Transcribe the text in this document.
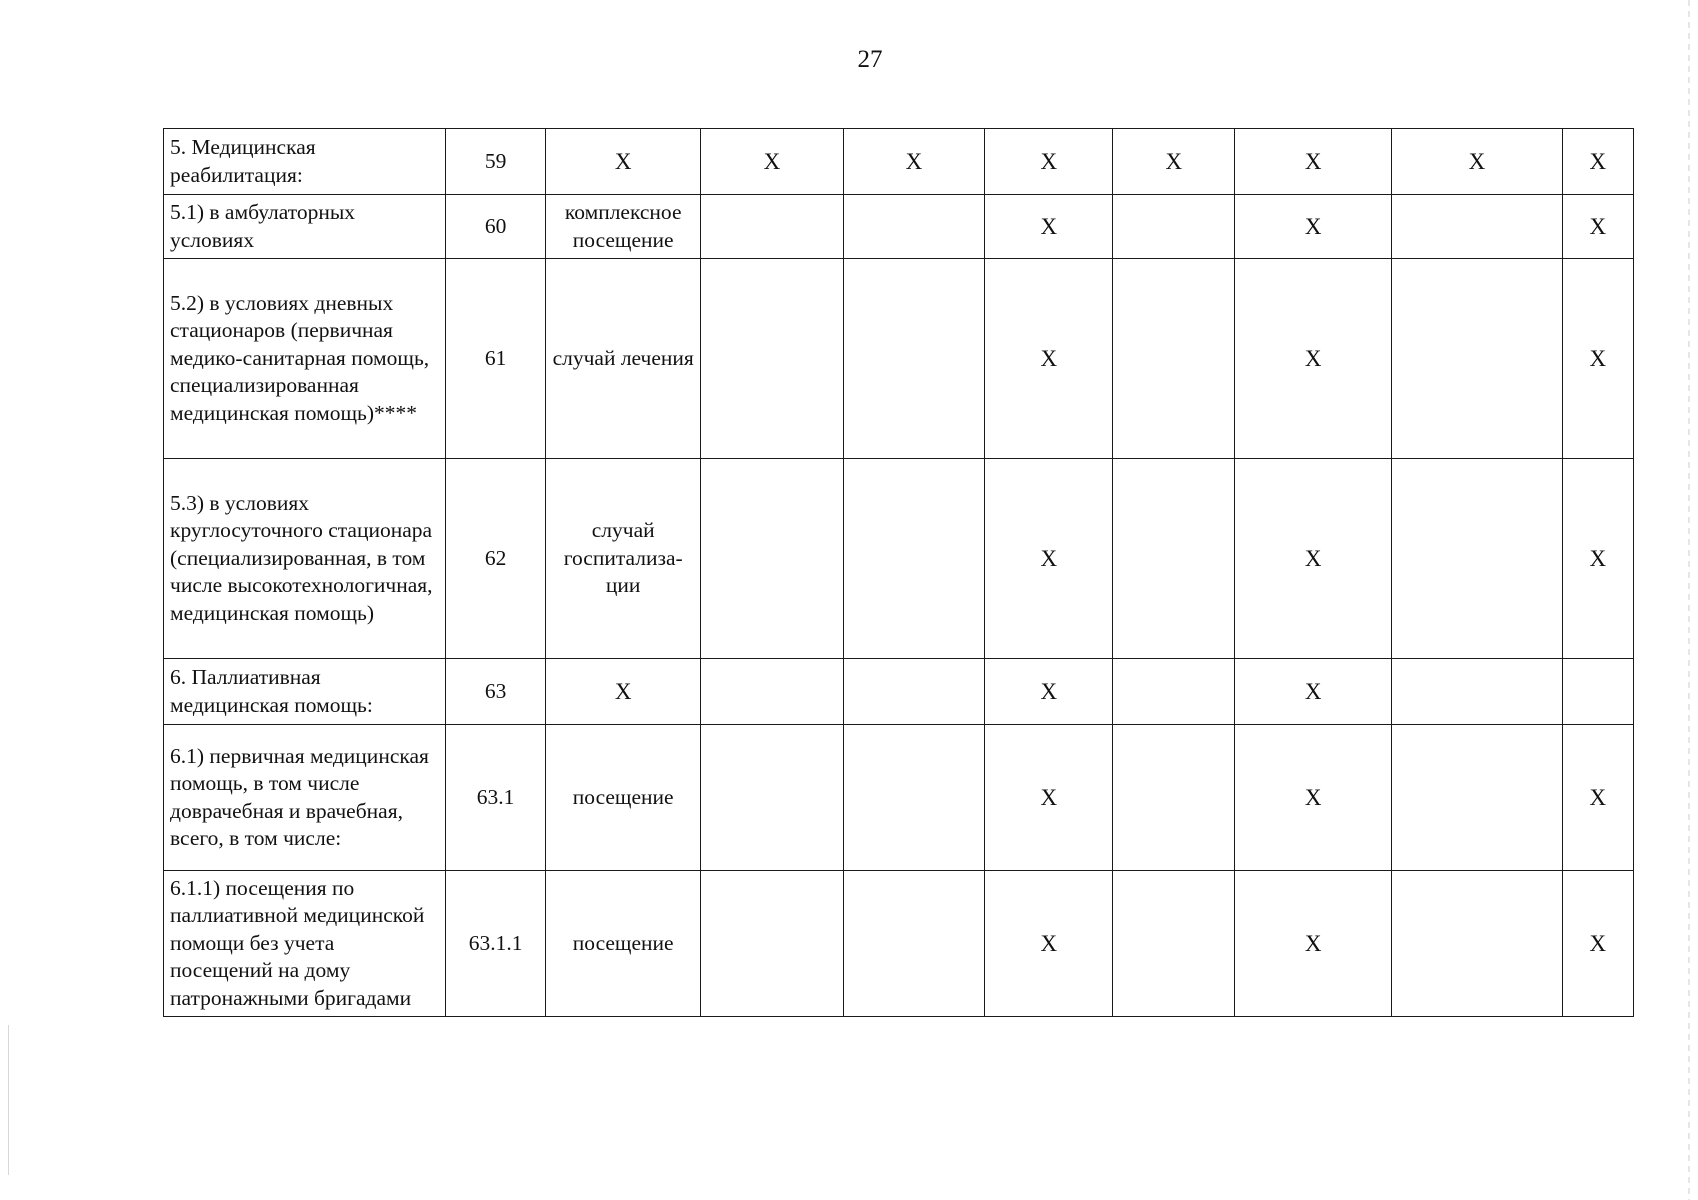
27
5. Медицинская реабилитация:	59	X	X	X	X	X	X	X	X
5.1) в амбулаторных условиях	60	комплексное посещение			X		X		X
5.2) в условиях дневных стационаров (первичная медико-санитарная помощь, специализированная медицинская помощь)****	61	случай лечения			X		X		X
5.3) в условиях круглосуточного стационара (специализированная, в том числе высокотехнологичная, медицинская помощь)	62	случай госпитализа-ции			X		X		X
6. Паллиативная медицинская помощь:	63	X			X		X		
6.1) первичная медицинская помощь, в том числе доврачебная и врачебная, всего, в том числе:	63.1	посещение			X		X		X
6.1.1) посещения по паллиативной медицинской помощи без учета посещений на дому патронажными бригадами	63.1.1	посещение			X		X		X
